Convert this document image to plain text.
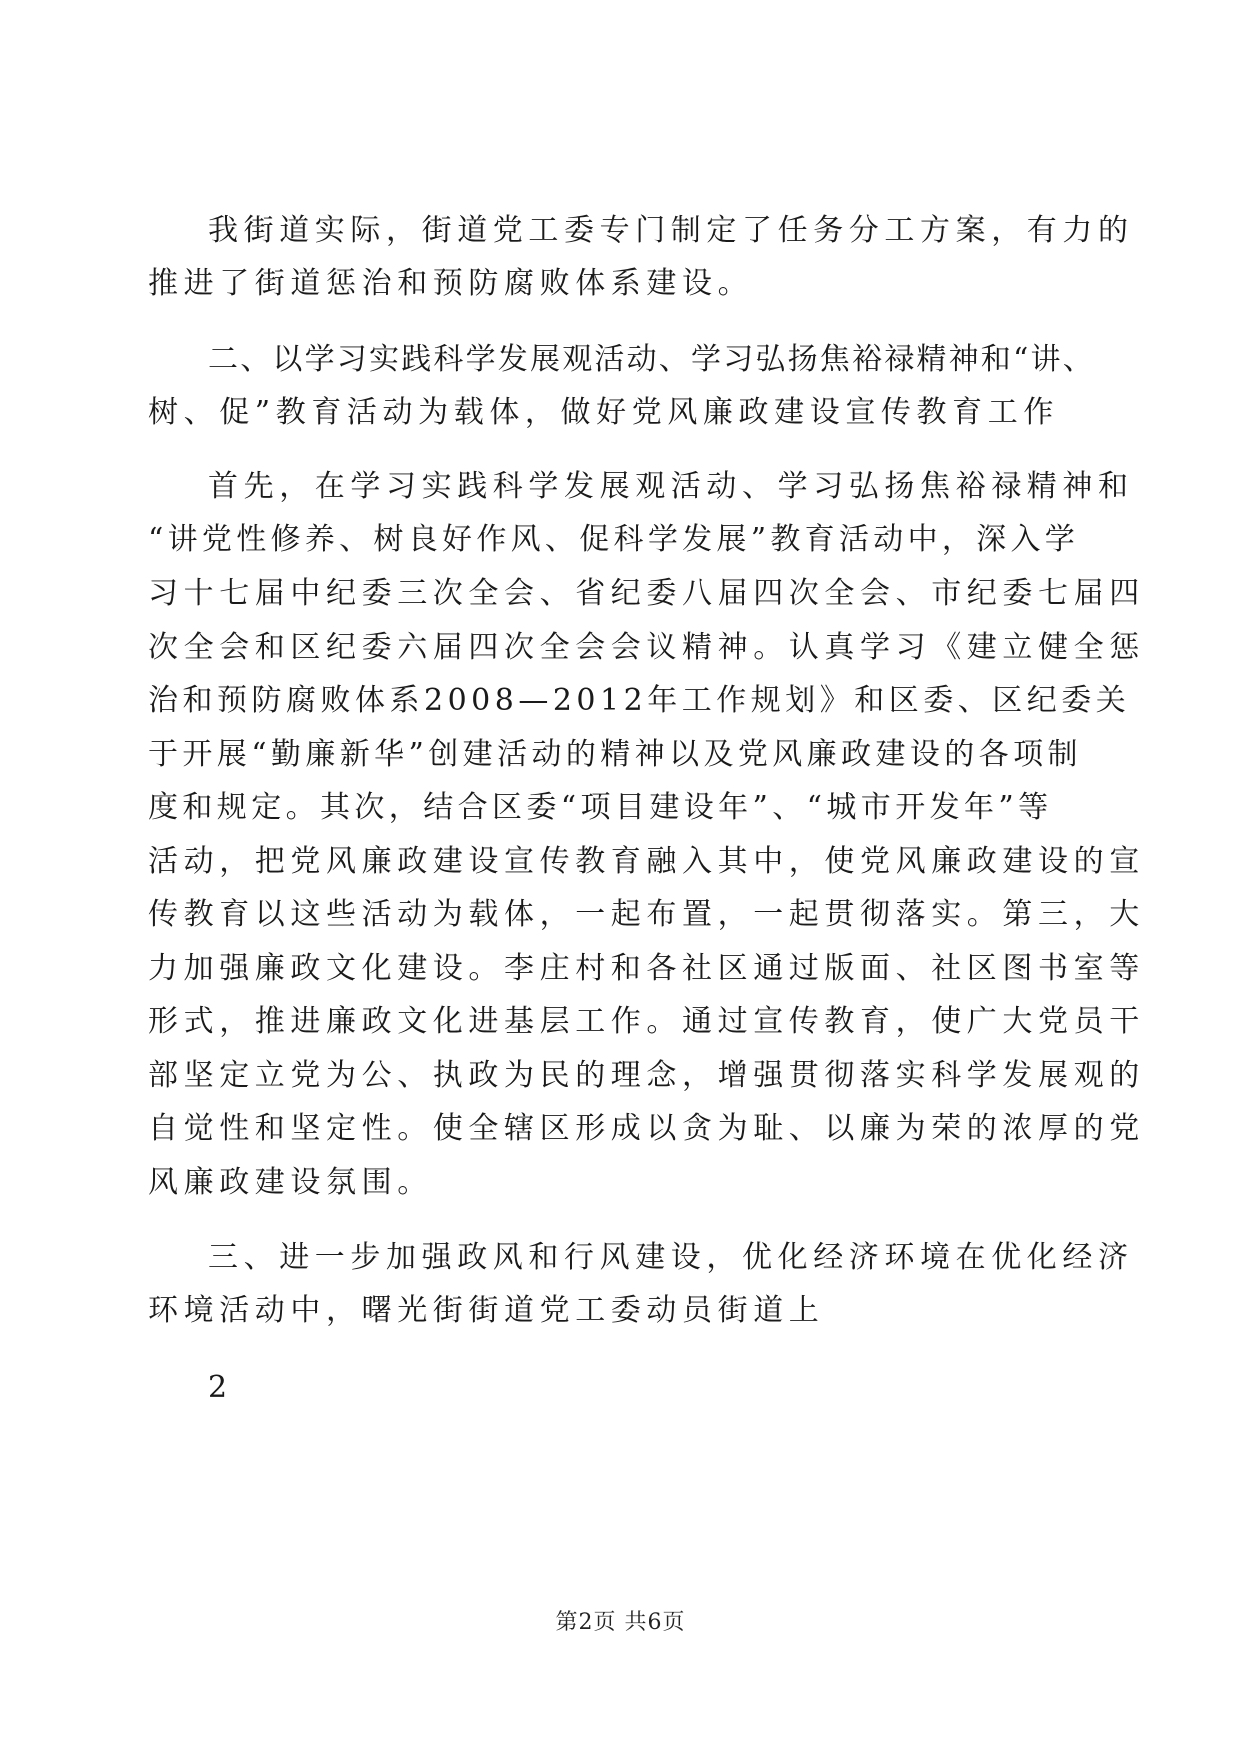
我街道实际，街道党工委专门制定了任务分工方案，有力的
推进了街道惩治和预防腐败体系建设。
二、以学习实践科学发展观活动、学习弘扬焦裕禄精神和“讲、
树、促”教育活动为载体，做好党风廉政建设宣传教育工作
首先，在学习实践科学发展观活动、学习弘扬焦裕禄精神和
“讲党性修养、树良好作风、促科学发展”教育活动中，深入学
习十七届中纪委三次全会、省纪委八届四次全会、市纪委七届四
次全会和区纪委六届四次全会会议精神。认真学习《建立健全惩
治和预防腐败体系2008—2012年工作规划》和区委、区纪委关
于开展“勤廉新华”创建活动的精神以及党风廉政建设的各项制
度和规定。其次，结合区委“项目建设年”、“城市开发年”等
活动，把党风廉政建设宣传教育融入其中，使党风廉政建设的宣
传教育以这些活动为载体，一起布置，一起贯彻落实。第三，大
力加强廉政文化建设。李庄村和各社区通过版面、社区图书室等
形式，推进廉政文化进基层工作。通过宣传教育，使广大党员干
部坚定立党为公、执政为民的理念，增强贯彻落实科学发展观的
自觉性和坚定性。使全辖区形成以贪为耻、以廉为荣的浓厚的党
风廉政建设氛围。
三、进一步加强政风和行风建设，优化经济环境在优化经济
环境活动中，曙光街街道党工委动员街道上
2
第2页 共6页
